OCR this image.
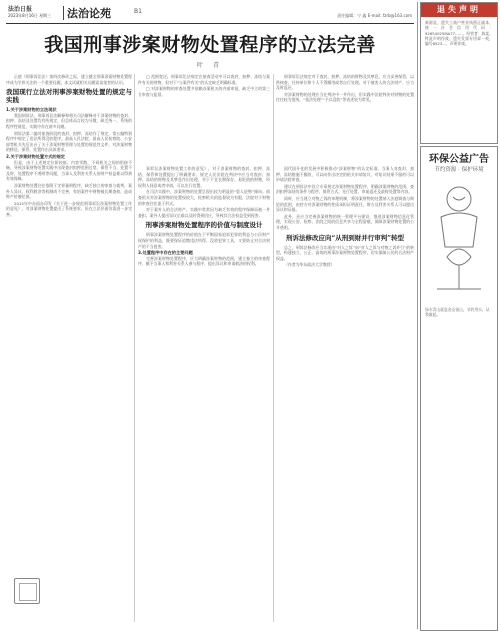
法治日报
2023年8月16日 星期三 法治论苑	B1
责任编辑：宁 鑫 E-mail: fzrb@163.com
我国刑事涉案财物处置程序的立法完善
叶 青

正值《刑事诉讼法》第四次修改之际，建立健全刑事涉案财物处置程序成为学界关注的一个重要问题。本文试就相关问题谈谈笔者的认识。

我国现行立法对刑事涉案财物处置的规定与实践
1.关于涉案财物的立法现状

我国刑诉法、刑事诉讼法解释和相关司法解释对于涉案财物的查封、扣押、冻结及处置均有所规定，但总体而言较为分散，缺乏统一、系统的程序性规范，实践中存在诸多问题。

刑诉法第二编对侦查阶段的查封、扣押、冻结作了规定，第五编特别程序中规定了违法所得没收程序。最高人民法院、最高人民检察院、公安部等机关先后出台了关于涉案财物管理与处置的规范性文件，对涉案财物的移送、保管、处置作出具体要求。

2.关于涉案财物处置方式的规定

但是，由于上述规定位阶较低、内容零散，不同机关之间的衔接不畅，导致涉案财物处置实践中出现查封扣押范围过宽、保管不当、处置不及时、处置程序不透明等问题，当事人及利害关系人的财产权益难以得到有效保障。

涉案财物处置往往依附于定罪量刑程序，缺乏独立的审查与裁判，案外人异议、权利救济等机制尚不完善，有的案件中财物被长期查扣，造成财产价值贬损。

2015年中办国办印发《关于进一步规范刑事诉讼涉案财物处置工作的意见》，对涉案财物处置提出了系统要求，但在立法层面仍需进一步完善。

□ 范围宽泛。刑事诉讼法规定在侦查活动中可以查封、扣押、冻结与案件有关的财物，但对于“与案件有关”的认定缺乏明确标准。

□ 对涉案财物的审查处置多依赖办案机关的内部审批，缺乏中立的第三方审查与监督。

刑事诉讼法规定对于查封、扣押、冻结的财物及其孳息，应当妥善保管，以供核查，任何单位和个人不得挪用或者自行处理。对于被害人的合法财产，应当及时返还。

对涉案财物的处理应当在判决中一并作出，但实践中法院判决对财物的处置往往较为笼统，“依法处理”“予以没收”等表述较为常见。

事诉讼涉案财物处置工作的意见》，对于涉案财物的查封、扣押、冻结、保管和处置提出了明确要求，规定人民法院在判决中应当对查封、扣押、冻结的财物及其孳息作出处理，对于不宜长期保存、易贬值的财物，经权利人同意或者申请，可以先行处置。

在司法实践中，涉案财物的处置呈现出较为明显的“重人轻物”倾向。侦查机关对涉案财物的处置权较大，检察机关的监督较为有限，法院对于财物的审查往往流于形式。

对于案外人的合法财产，实践中常常因为缺乏有效的程序保障而被一并查扣，案外人提出异议后难以及时得到回应，导致其合法权益受到侵害。

刑事涉案财物处置程序的价值与制度设计

刑事涉案财物处置程序的价值在于平衡国家追诉犯罪的利益与公民财产权保护的利益，既要保证追缴违法所得、没收犯罪工具，又要防止对合法财产的不当侵害。

3.处置程序中存在的主要问题

完善涉案财物处置程序，应当明确涉案财物的范围，建立独立的审查程序，赋予当事人和利害关系人参与程序、提出异议和申请救济的权利。

国代国开化的发展中积极推动“涉案财物”的认定标准。当事人对查封、扣押、冻结措施不服的，可以向作出决定的机关申请复议，对复议结果不服的可以申请法院审查。

建议在刑诉法中设立专章规定涉案财物处置程序，明确涉案财物的范围、查封扣押冻结的条件与程序、保管方式、先行处置、审前返还及最终处置等内容。

同时，应当建立对物之诉的审理机制，将涉案财物的处置纳入法庭调查与辩论的范围，由控方对涉案财物的性质承担证明责任，辩方及利害关系人可以提出异议和证据。

此外，还应当完善涉案财物的统一管理平台建设，推进涉案财物信息化管理，实现公安、检察、法院之间的信息共享与全程留痕，保障涉案财物处置的公开透明。

刑诉法修改应向“从刑到财并行审判”转型

总之，刑诉法修改应当实现由“对人之诉”向“对人之诉与对物之诉并行”的转型，构建独立、公正、高效的刑事涉案财物处置程序，切实保障公民的合法财产权益。

（作者为华东政法大学教授）

退失声明
新源县，遗失工商户营业执照正副本，统一社会信用代码：92654025MA77……，经营者：陈某，特此声明作废。遗失发票专用章一枚，编号6523…，声明作废。
环保公益广告
节约资源 · 保护环境
绿水青山就是金山银山，节约用水，从我做起。
